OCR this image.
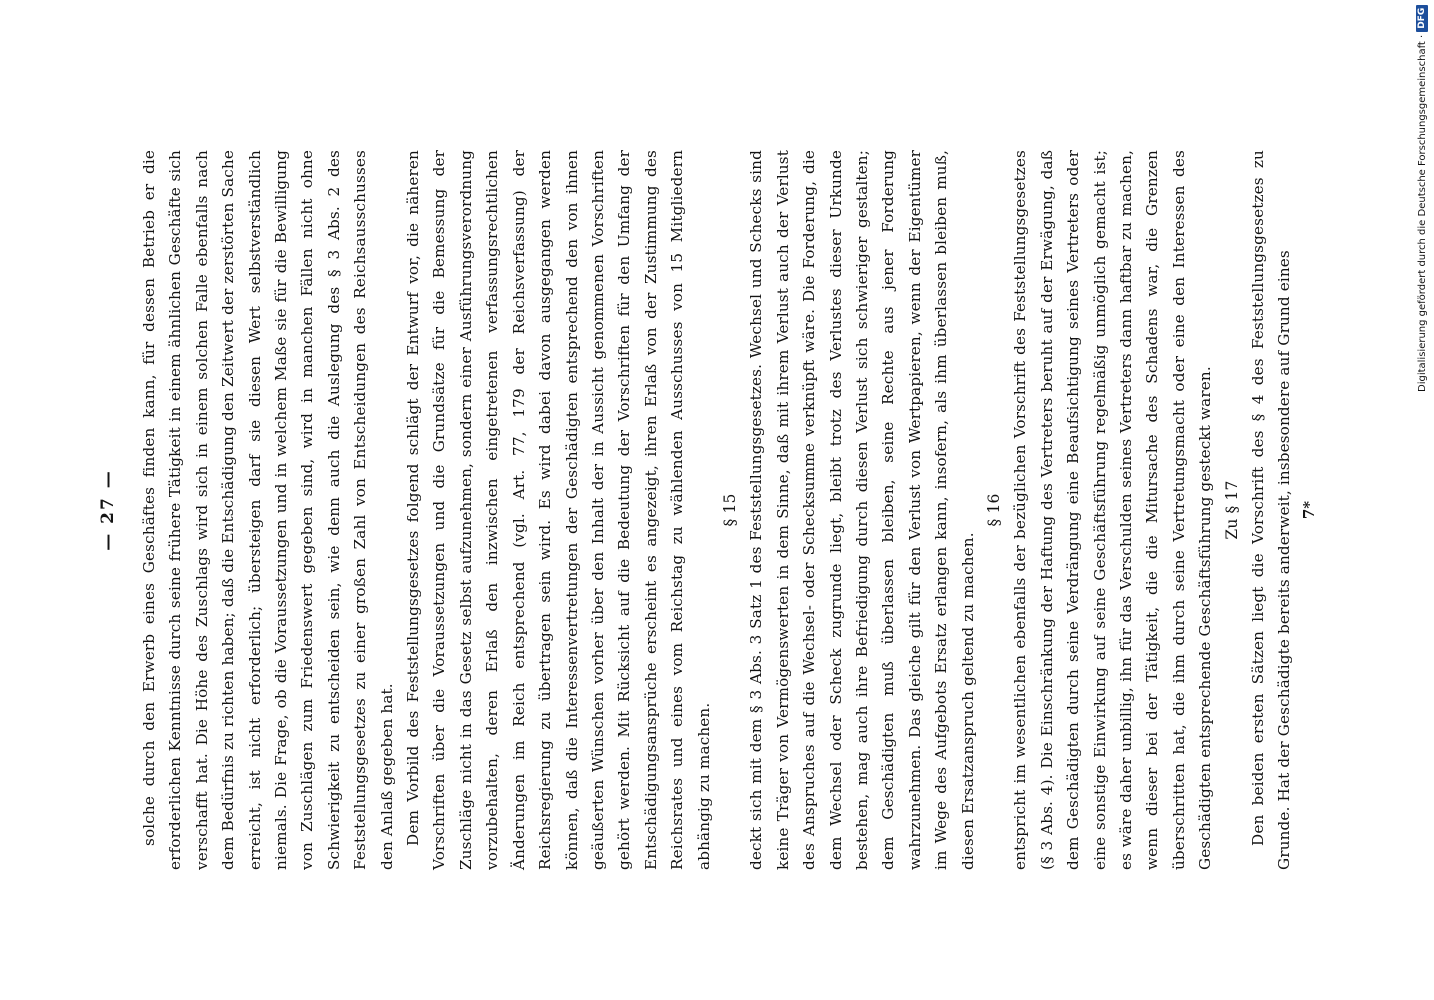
— 27 — solche durch den Erwerb eines Geschäftes finden kann, für dessen Betrieb er die erforderlichen Kenntnisse durch seine frühere Tätigkeit in einem ähnlichen Geschäfte sich verschafft hat. Die Höhe des Zuschlags wird sich in einem solchen Falle ebenfalls nach dem Bedürfnis zu richten haben; daß die Entschädigung den Zeitwert der zerstörten Sache erreicht, ist nicht erforderlich; übersteigen darf sie diesen Wert selbstverständlich niemals. Die Frage, ob die Voraussetzungen und in welchem Maße sie für die Bewilligung von Zuschlägen zum Friedenswert gegeben sind, wird in manchen Fällen nicht ohne Schwierigkeit zu entscheiden sein, wie denn auch die Auslegung des § 3 Abs. 2 des Feststellungsgesetzes zu einer großen Zahl von Entscheidungen des Reichsausschusses den Anlaß gegeben hat. Dem Vorbild des Feststellungsgesetzes folgend schlägt der Entwurf vor, die näheren Vorschriften über die Voraussetzungen und die Grundsätze für die Bemessung der Zuschläge nicht in das Gesetz selbst aufzunehmen, sondern einer Ausführungsverordnung vorzubehalten, deren Erlaß den inzwischen eingetretenen verfassungsrechtlichen Änderungen im Reich entsprechend (vgl. Art. 77, 179 der Reichsverfassung) der Reichsregierung zu übertragen sein wird. Es wird dabei davon ausgegangen werden können, daß die Interessenvertretungen der Geschädigten entsprechend den von ihnen geäußerten Wünschen vorher über den Inhalt der in Aussicht genommenen Vorschriften gehört werden. Mit Rücksicht auf die Bedeutung der Vorschriften für den Umfang der Entschädigungsansprüche erscheint es angezeigt, ihren Erlaß von der Zustimmung des Reichsrates und eines vom Reichstag zu wählenden Ausschusses von 15 Mitgliedern abhängig zu machen.

§ 15 deckt sich mit dem § 3 Abs. 3 Satz 1 des Feststellungsgesetzes. Wechsel und Schecks sind keine Träger von Vermögenswerten in dem Sinne, daß mit ihrem Verlust auch der Verlust des Anspruches auf die Wechsel- oder Schecksumme verknüpft wäre. Die Forderung, die dem Wechsel oder Scheck zugrunde liegt, bleibt trotz des Verlustes dieser Urkunde bestehen, mag auch ihre Befriedigung durch diesen Verlust sich schwieriger gestalten; dem Geschädigten muß überlassen bleiben, seine Rechte aus jener Forderung wahrzunehmen. Das gleiche gilt für den Verlust von Wertpapieren, wenn der Eigentümer im Wege des Aufgebots Ersatz erlangen kann, insofern, als ihm überlassen bleiben muß, diesen Ersatzanspruch geltend zu machen.

§ 16 entspricht im wesentlichen ebenfalls der bezüglichen Vorschrift des Feststellungsgesetzes (§ 3 Abs. 4). Die Einschränkung der Haftung des Vertreters beruht auf der Erwägung, daß dem Geschädigten durch seine Verdrängung eine Beaufsichtigung seines Vertreters oder eine sonstige Einwirkung auf seine Geschäftsführung regelmäßig unmöglich gemacht ist; es wäre daher unbillig, ihn für das Verschulden seines Vertreters dann haftbar zu machen, wenn dieser bei der Tätigkeit, die die Mitursache des Schadens war, die Grenzen überschritten hat, die ihm durch seine Vertretungsmacht oder eine den Interessen des Geschädigten entsprechende Geschäftsführung gesteckt waren. Zu § 17 Den beiden ersten Sätzen liegt die Vorschrift des § 4 des Feststellungsgesetzes zu Grunde. Hat der Geschädigte bereits anderweit, insbesondere auf Grund eines 7*
Digitalisierung gefördert durch die Deutsche Forschungsgemeinschaft ·
DFG
